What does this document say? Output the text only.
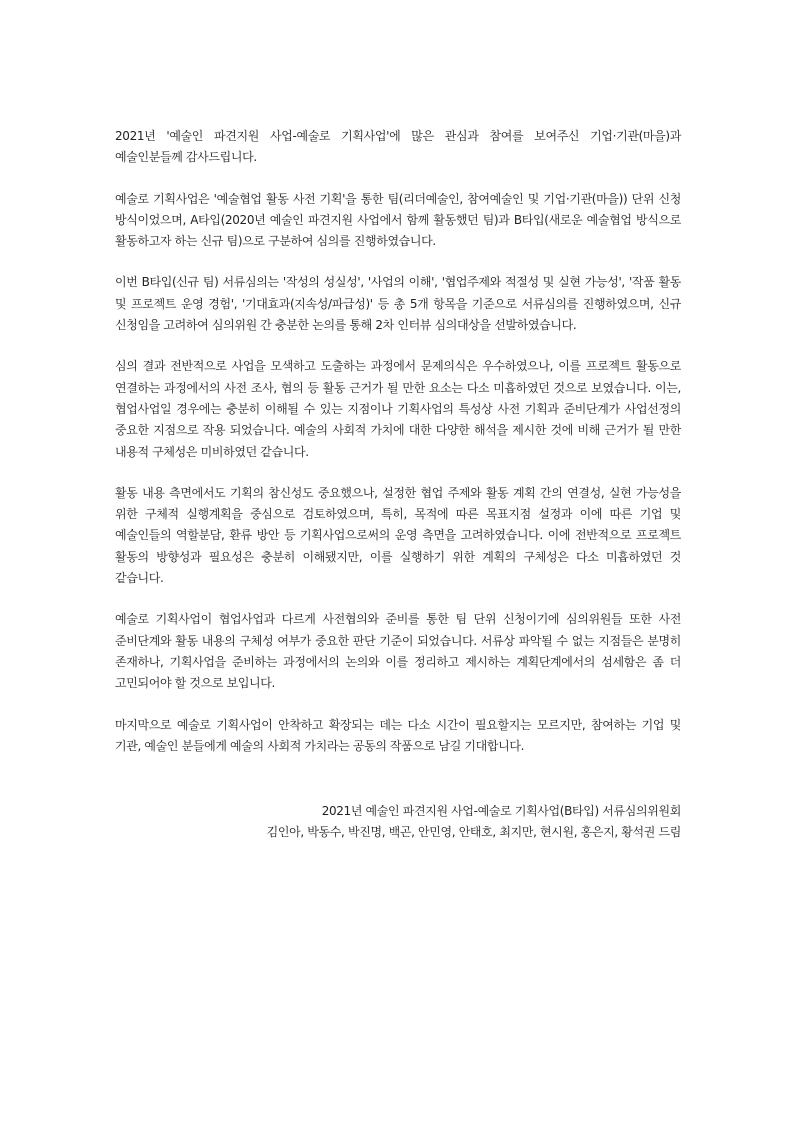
2021년 '예술인 파견지원 사업-예술로 기획사업'에 많은 관심과 참여를 보여주신 기업·기관(마을)과 예술인분들께 감사드립니다.

예술로 기획사업은 '예술협업 활동 사전 기획'을 통한 팀(리더예술인, 참여예술인 및 기업·기관(마을)) 단위 신청 방식이었으며, A타입(2020년 예술인 파견지원 사업에서 함께 활동했던 팀)과 B타입(새로운 예술협업 방식으로 활동하고자 하는 신규 팀)으로 구분하여 심의를 진행하였습니다.

이번 B타입(신규 팀) 서류심의는 '작성의 성실성', '사업의 이해', '협업주제와 적절성 및 실현 가능성', '작품 활동 및 프로젝트 운영 경험', '기대효과(지속성/파급성)' 등 총 5개 항목을 기준으로 서류심의를 진행하였으며, 신규 신청임을 고려하여 심의위원 간 충분한 논의를 통해 2차 인터뷰 심의대상을 선발하였습니다.

심의 결과 전반적으로 사업을 모색하고 도출하는 과정에서 문제의식은 우수하였으나, 이를 프로젝트 활동으로 연결하는 과정에서의 사전 조사, 협의 등 활동 근거가 될 만한 요소는 다소 미흡하였던 것으로 보였습니다. 이는, 협업사업일 경우에는 충분히 이해될 수 있는 지점이나 기획사업의 특성상 사전 기획과 준비단계가 사업선정의 중요한 지점으로 작용 되었습니다. 예술의 사회적 가치에 대한 다양한 해석을 제시한 것에 비해 근거가 될 만한 내용적 구체성은 미비하였던 같습니다.

활동 내용 측면에서도 기획의 참신성도 중요했으나, 설정한 협업 주제와 활동 계획 간의 연결성, 실현 가능성을 위한 구체적 실행계획을 중심으로 검토하였으며, 특히, 목적에 따른 목표지점 설정과 이에 따른 기업 및 예술인들의 역할분담, 환류 방안 등 기획사업으로써의 운영 측면을 고려하였습니다. 이에 전반적으로 프로젝트 활동의 방향성과 필요성은 충분히 이해됐지만, 이를 실행하기 위한 계획의 구체성은 다소 미흡하였던 것 같습니다.

예술로 기획사업이 협업사업과 다르게 사전협의와 준비를 통한 팀 단위 신청이기에 심의위원들 또한 사전 준비단계와 활동 내용의 구체성 여부가 중요한 판단 기준이 되었습니다. 서류상 파악될 수 없는 지점들은 분명히 존재하나, 기획사업을 준비하는 과정에서의 논의와 이를 정리하고 제시하는 계획단계에서의 섬세함은 좀 더 고민되어야 할 것으로 보입니다.

마지막으로 예술로 기획사업이 안착하고 확장되는 데는 다소 시간이 필요할지는 모르지만, 참여하는 기업 및 기관, 예술인 분들에게 예술의 사회적 가치라는 공동의 작품으로 남길 기대합니다.

2021년 예술인 파견지원 사업-예술로 기획사업(B타입) 서류심의위원회
김인아, 박동수, 박진명, 백곤, 안민영, 안태호, 최지만, 현시원, 홍은지, 황석권 드림
